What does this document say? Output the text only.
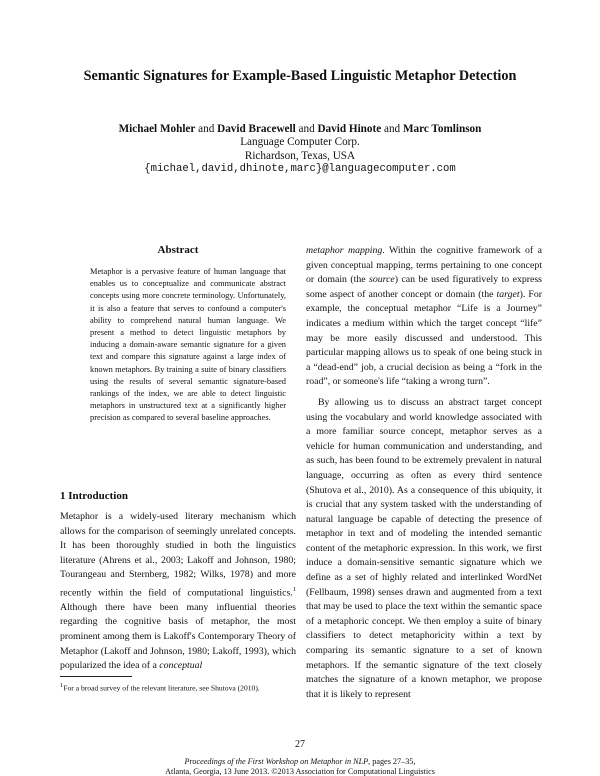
Semantic Signatures for Example-Based Linguistic Metaphor Detection
Michael Mohler and David Bracewell and David Hinote and Marc Tomlinson
Language Computer Corp.
Richardson, Texas, USA
{michael,david,dhinote,marc}@languagecomputer.com
Abstract
Metaphor is a pervasive feature of human language that enables us to conceptualize and communicate abstract concepts using more concrete terminology. Unfortunately, it is also a feature that serves to confound a computer's ability to comprehend natural human language. We present a method to detect linguistic metaphors by inducing a domain-aware semantic signature for a given text and compare this signature against a large index of known metaphors. By training a suite of binary classifiers using the results of several semantic signature-based rankings of the index, we are able to detect linguistic metaphors in unstructured text at a significantly higher precision as compared to several baseline approaches.
1 Introduction

Metaphor is a widely-used literary mechanism which allows for the comparison of seemingly unrelated concepts. It has been thoroughly studied in both the linguistics literature (Ahrens et al., 2003; Lakoff and Johnson, 1980; Tourangeau and Sternberg, 1982; Wilks, 1978) and more recently within the field of computational linguistics.$^1$ Although there have been many influential theories regarding the cognitive basis of metaphor, the most prominent among them is Lakoff's Contemporary Theory of Metaphor (Lakoff and Johnson, 1980; Lakoff, 1993), which popularized the idea of a conceptual

metaphor mapping. Within the cognitive framework of a given conceptual mapping, terms pertaining to one concept or domain (the source) can be used figuratively to express some aspect of another concept or domain (the target). For example, the conceptual metaphor “Life is a Journey” indicates a medium within which the target concept “life” may be more easily discussed and understood. This particular mapping allows us to speak of one being stuck in a “dead-end” job, a crucial decision as being a “fork in the road”, or someone's life “taking a wrong turn”.

By allowing us to discuss an abstract target concept using the vocabulary and world knowledge associated with a more familiar source concept, metaphor serves as a vehicle for human communication and understanding, and as such, has been found to be extremely prevalent in natural language, occurring as often as every third sentence (Shutova et al., 2010). As a consequence of this ubiquity, it is crucial that any system tasked with the understanding of natural language be capable of detecting the presence of metaphor in text and of modeling the intended semantic content of the metaphoric expression. In this work, we first induce a domain-sensitive semantic signature which we define as a set of highly related and interlinked WordNet (Fellbaum, 1998) senses drawn and augmented from a text that may be used to place the text within the semantic space of a metaphoric concept. We then employ a suite of binary classifiers to detect metaphoricity within a text by comparing its semantic signature to a set of known metaphors. If the semantic signature of the text closely matches the signature of a known metaphor, we propose that it is likely to represent

$^1$For a broad survey of the relevant literature, see Shutova (2010).
27
Proceedings of the First Workshop on Metaphor in NLP, pages 27–35,
Atlanta, Georgia, 13 June 2013. ©2013 Association for Computational Linguistics
